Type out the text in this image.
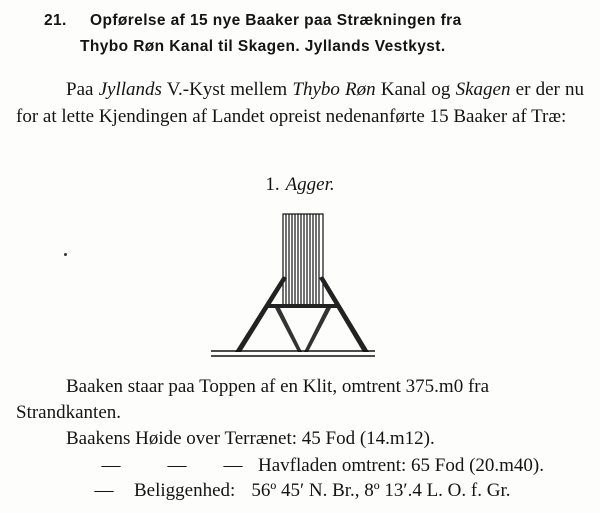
21. Opførelse af 15 nye Baaker paa Strækningen fra
Thybo Røn Kanal til Skagen. Jyllands Vestkyst.
Paa Jyllands V.-Kyst mellem Thybo Røn Kanal og Skagen er der nu for at lette Kjendingen af Landet opreist nedenanførte 15 Baaker af Træ:
1. Agger.
Baaken staar paa Toppen af en Klit, omtrent 375.m0 fra Strandkanten.
Baakens Høide over Terrænet: 45 Fod (14.m12).
— — — Havfladen omtrent: 65 Fod (20.m40).
— Beliggenhed: 56º 45′ N. Br., 8º 13′.4 L. O. f. Gr.
